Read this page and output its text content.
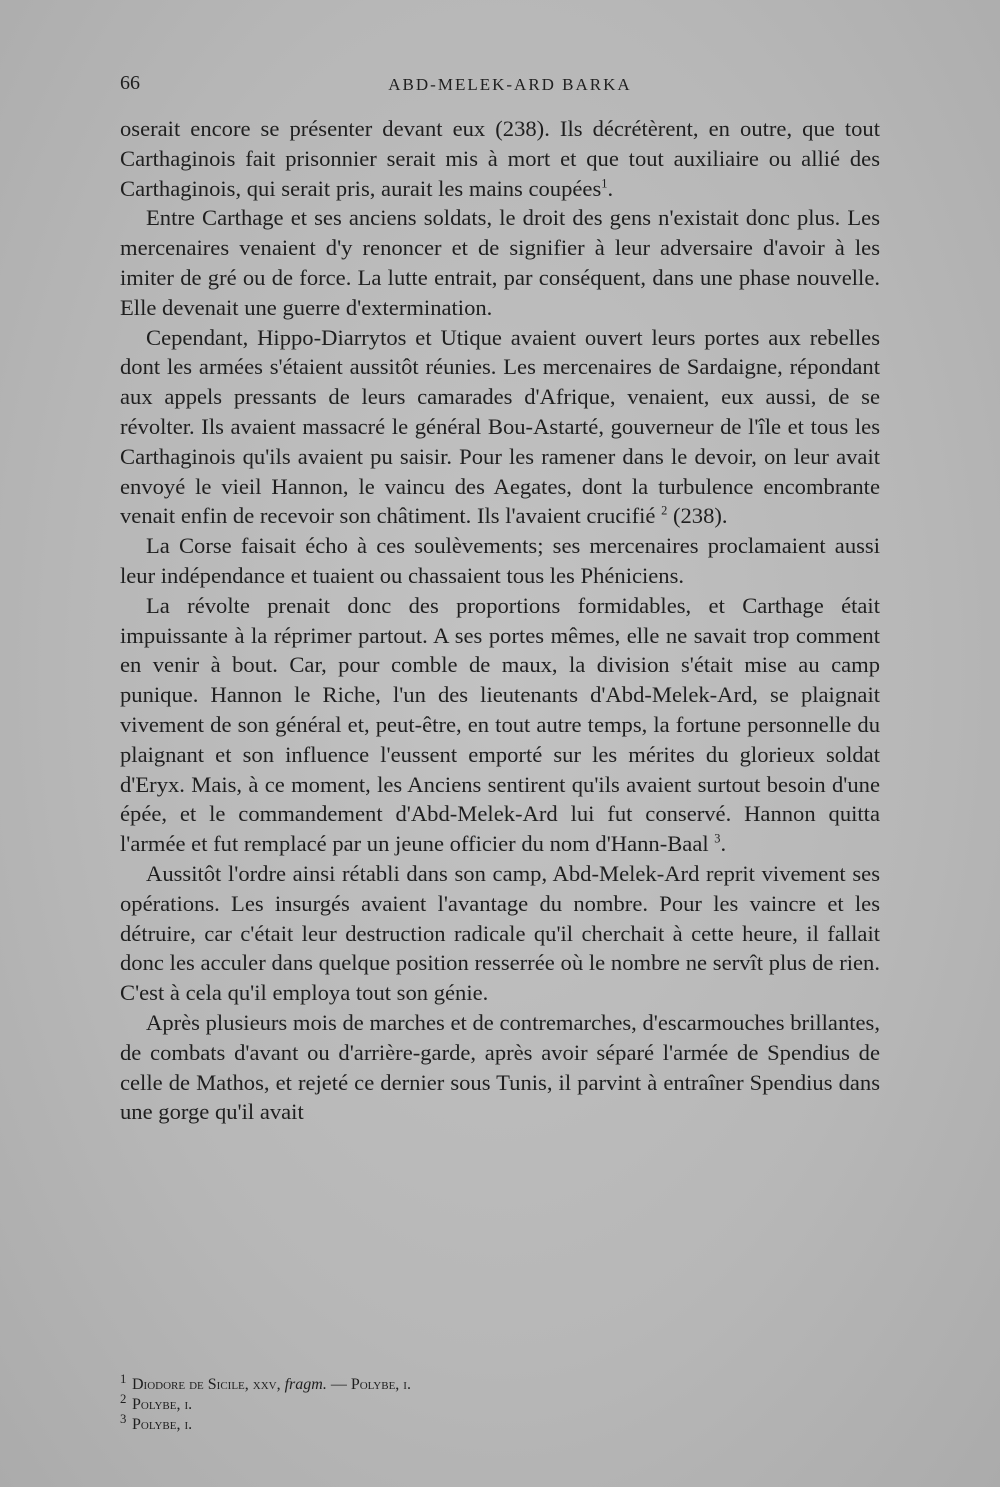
66	ABD-MELEK-ARD BARKA

oserait encore se présenter devant eux (238). Ils décrétèrent, en outre, que tout Carthaginois fait prisonnier serait mis à mort et que tout auxiliaire ou allié des Carthaginois, qui serait pris, aurait les mains coupées$^1$.

Entre Carthage et ses anciens soldats, le droit des gens n'existait donc plus. Les mercenaires venaient d'y renoncer et de signifier à leur adversaire d'avoir à les imiter de gré ou de force. La lutte entrait, par conséquent, dans une phase nouvelle. Elle devenait une guerre d'extermination.

Cependant, Hippo-Diarrytos et Utique avaient ouvert leurs portes aux rebelles dont les armées s'étaient aussitôt réunies. Les mercenaires de Sardaigne, répondant aux appels pressants de leurs camarades d'Afrique, venaient, eux aussi, de se révolter. Ils avaient massacré le général Bou-Astarté, gouverneur de l'île et tous les Carthaginois qu'ils avaient pu saisir. Pour les ramener dans le devoir, on leur avait envoyé le vieil Hannon, le vaincu des Aegates, dont la turbulence encombrante venait enfin de recevoir son châtiment. Ils l'avaient crucifié $^2$ (238).

La Corse faisait écho à ces soulèvements; ses mercenaires proclamaient aussi leur indépendance et tuaient ou chassaient tous les Phéniciens.

La révolte prenait donc des proportions formidables, et Carthage était impuissante à la réprimer partout. A ses portes mêmes, elle ne savait trop comment en venir à bout. Car, pour comble de maux, la division s'était mise au camp punique. Hannon le Riche, l'un des lieutenants d'Abd-Melek-Ard, se plaignait vivement de son général et, peut-être, en tout autre temps, la fortune personnelle du plaignant et son influence l'eussent emporté sur les mérites du glorieux soldat d'Eryx. Mais, à ce moment, les Anciens sentirent qu'ils avaient surtout besoin d'une épée, et le commandement d'Abd-Melek-Ard lui fut conservé. Hannon quitta l'armée et fut remplacé par un jeune officier du nom d'Hann-Baal $^3$.

Aussitôt l'ordre ainsi rétabli dans son camp, Abd-Melek-Ard reprit vivement ses opérations. Les insurgés avaient l'avantage du nombre. Pour les vaincre et les détruire, car c'était leur destruction radicale qu'il cherchait à cette heure, il fallait donc les acculer dans quelque position resserrée où le nombre ne servît plus de rien. C'est à cela qu'il employa tout son génie.

Après plusieurs mois de marches et de contremarches, d'escarmouches brillantes, de combats d'avant ou d'arrière-garde, après avoir séparé l'armée de Spendius de celle de Mathos, et rejeté ce dernier sous Tunis, il parvint à entraîner Spendius dans une gorge qu'il avait

1 Diodore de Sicile, xxv, fragm. — Polybe, i.

2 Polybe, i.

3 Polybe, i.
